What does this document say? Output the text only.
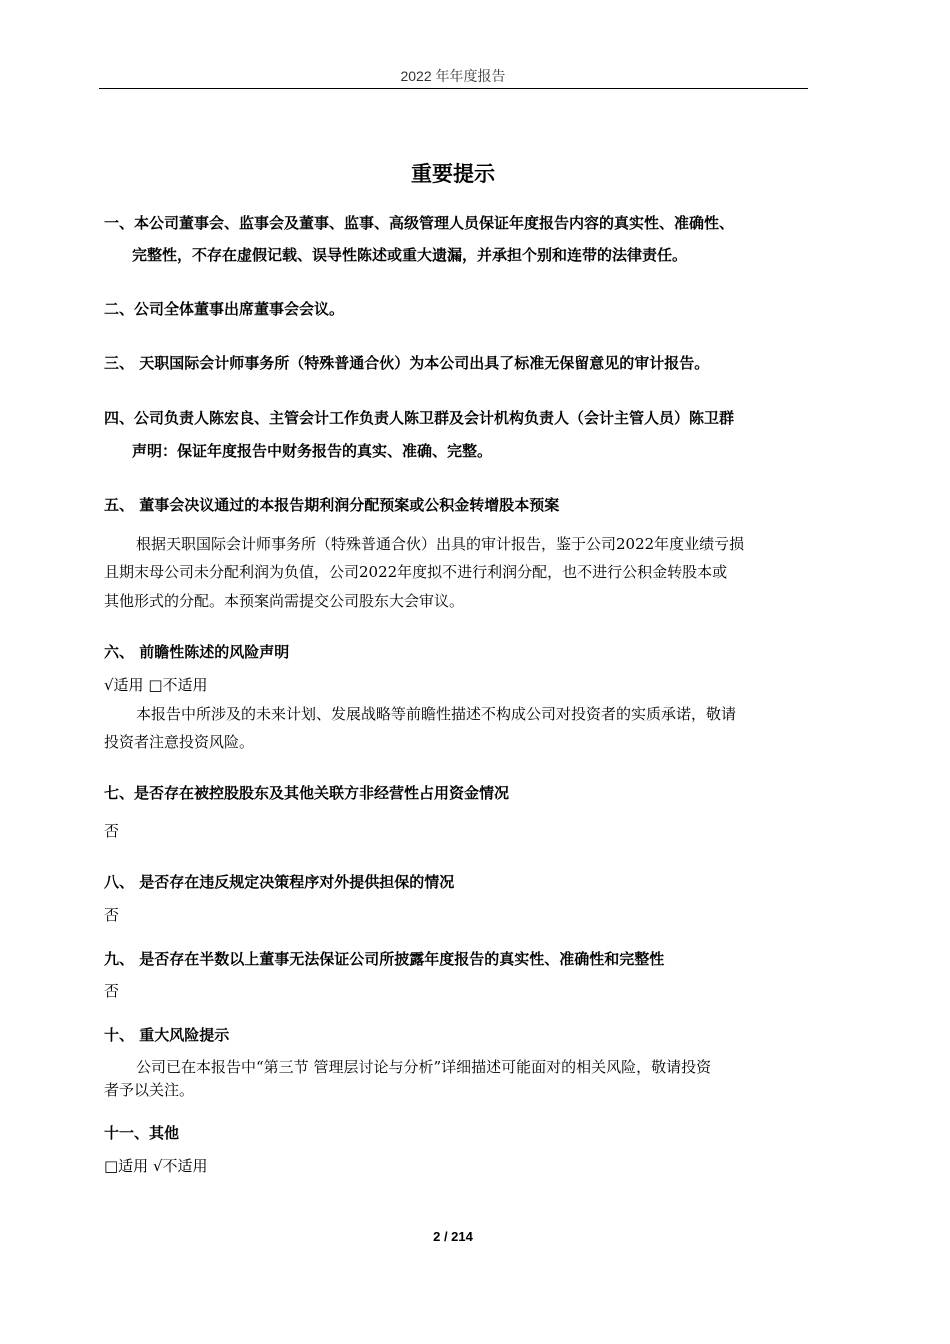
2022 年年度报告
重要提示
一、本公司董事会、监事会及董事、监事、高级管理人员保证年度报告内容的真实性、准确性、
完整性，不存在虚假记载、误导性陈述或重大遗漏，并承担个别和连带的法律责任。
二、公司全体董事出席董事会会议。
三、 天职国际会计师事务所（特殊普通合伙）为本公司出具了标准无保留意见的审计报告。
四、公司负责人陈宏良、主管会计工作负责人陈卫群及会计机构负责人（会计主管人员）陈卫群
声明：保证年度报告中财务报告的真实、准确、完整。
五、 董事会决议通过的本报告期利润分配预案或公积金转增股本预案
根据天职国际会计师事务所（特殊普通合伙）出具的审计报告，鉴于公司2022年度业绩亏损
且期末母公司未分配利润为负值，公司2022年度拟不进行利润分配，也不进行公积金转股本或
其他形式的分配。本预案尚需提交公司股东大会审议。
六、 前瞻性陈述的风险声明
√适用 □不适用
本报告中所涉及的未来计划、发展战略等前瞻性描述不构成公司对投资者的实质承诺，敬请
投资者注意投资风险。
七、是否存在被控股股东及其他关联方非经营性占用资金情况
否
八、 是否存在违反规定决策程序对外提供担保的情况
否
九、 是否存在半数以上董事无法保证公司所披露年度报告的真实性、准确性和完整性
否
十、 重大风险提示
公司已在本报告中“第三节 管理层讨论与分析”详细描述可能面对的相关风险，敬请投资
者予以关注。
十一、其他
□适用 √不适用
2 / 214
